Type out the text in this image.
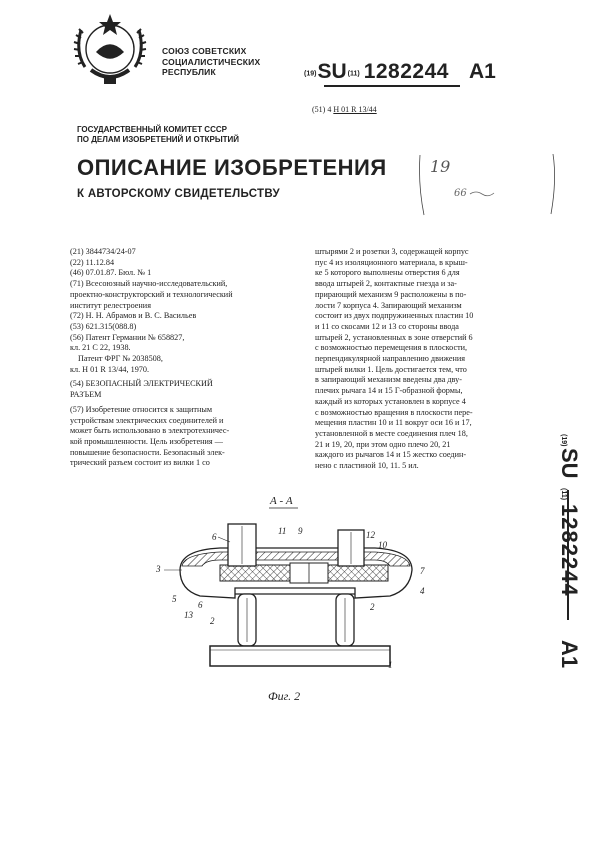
СОЮЗ СОВЕТСКИХ
СОЦИАЛИСТИЧЕСКИХ
РЕСПУБЛИК	(19)SU(11) 1282244 A1
(51) 4 H 01 R 13/44
ГОСУДАРСТВЕННЫЙ КОМИТЕТ СССР
ПО ДЕЛАМ ИЗОБРЕТЕНИЙ И ОТКРЫТИЙ
ОПИСАНИЕ ИЗОБРЕТЕНИЯ
К АВТОРСКОМУ СВИДЕТЕЛЬСТВУ
19
66
(21) 3844734/24-07
(22) 11.12.84
(46) 07.01.87. Бюл. № 1
(71) Всесоюзный научно-исследовательский,
проектно-конструкторский и технологический
институт релестроения
(72) Н. Н. Абрамов и В. С. Васильев
(53) 621.315(088.8)
(56) Патент Германии № 658827,
кл. 21 С 22, 1938.
Патент ФРГ № 2038508,
кл. Н 01 R 13/44, 1970.
(54) БЕЗОПАСНЫЙ ЭЛЕКТРИЧЕСКИЙ
РАЗЪЕМ
(57) Изобретение относится к защитным
устройствам электрических соединителей и
может быть использовано в электротехничес-
кой промышленности. Цель изобретения —
повышение безопасности. Безопасный элек-
трический разъем состоит из вилки 1 со
штырями 2 и розетки 3, содержащей корпус
пус 4 из изоляционного материала, в крыш-
ке 5 которого выполнены отверстия 6 для
ввода штырей 2, контактные гнезда и за-
прирающий механизм 9 расположены в по-
лости 7 корпуса 4. Запирающий механизм
состоит из двух подпружиненных пластин 10
и 11 со скосами 12 и 13 со стороны ввода
штырей 2, установленных в зоне отверстий 6
с возможностью перемещения в плоскости,
перпендикулярной направлению движения
штырей вилки 1. Цель достигается тем, что
в запирающий механизм введены два дву-
плечих рычага 14 и 15 Г-образной формы,
каждый из которых установлен в корпусе 4
с возможностью вращения в плоскости пере-
мещения пластин 10 и 11 вокруг оси 16 и 17,
установленной в месте соединения плеч 18,
21 и 19, 20, при этом одно плечо 20, 21
каждого из рычагов 14 и 15 жестко соедин-
нено с пластиной 10, 11. 5 ил.
(19)
SU
(11)
1282244
A1
А - А
6
11 9	12
10
3	7
4
5
6
13
2
2
1
Фиг. 2
